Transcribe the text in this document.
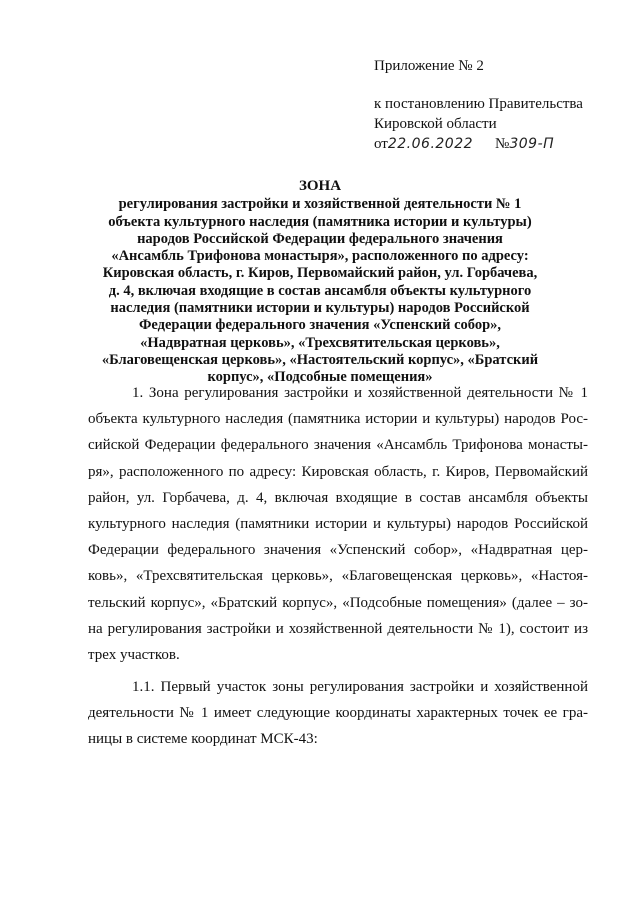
Приложение № 2
к постановлению Правительства
Кировской области
от22.06.2022 №309-П
ЗОНА
регулирования застройки и хозяйственной деятельности № 1
объекта культурного наследия (памятника истории и культуры)
народов Российской Федерации федерального значения
«Ансамбль Трифонова монастыря», расположенного по адресу:
Кировская область, г. Киров, Первомайский район, ул. Горбачева,
д. 4, включая входящие в состав ансамбля объекты культурного
наследия (памятники истории и культуры) народов Российской
Федерации федерального значения «Успенский собор»,
«Надвратная церковь», «Трехсвятительская церковь»,
«Благовещенская церковь», «Настоятельский корпус», «Братский
корпус», «Подсобные помещения»
1. Зона регулирования застройки и хозяйственной деятельности № 1
объекта культурного наследия (памятника истории и культуры) народов Рос-
сийской Федерации федерального значения «Ансамбль Трифонова монасты-
ря», расположенного по адресу: Кировская область, г. Киров, Первомайский
район, ул. Горбачева, д. 4, включая входящие в состав ансамбля объекты
культурного наследия (памятники истории и культуры) народов Российской
Федерации федерального значения «Успенский собор», «Надвратная цер-
ковь», «Трехсвятительская церковь», «Благовещенская церковь», «Настоя-
тельский корпус», «Братский корпус», «Подсобные помещения» (далее – зо-
на регулирования застройки и хозяйственной деятельности № 1), состоит из
трех участков.
1.1. Первый участок зоны регулирования застройки и хозяйственной
деятельности № 1 имеет следующие координаты характерных точек ее гра-
ницы в системе координат МСК-43:
